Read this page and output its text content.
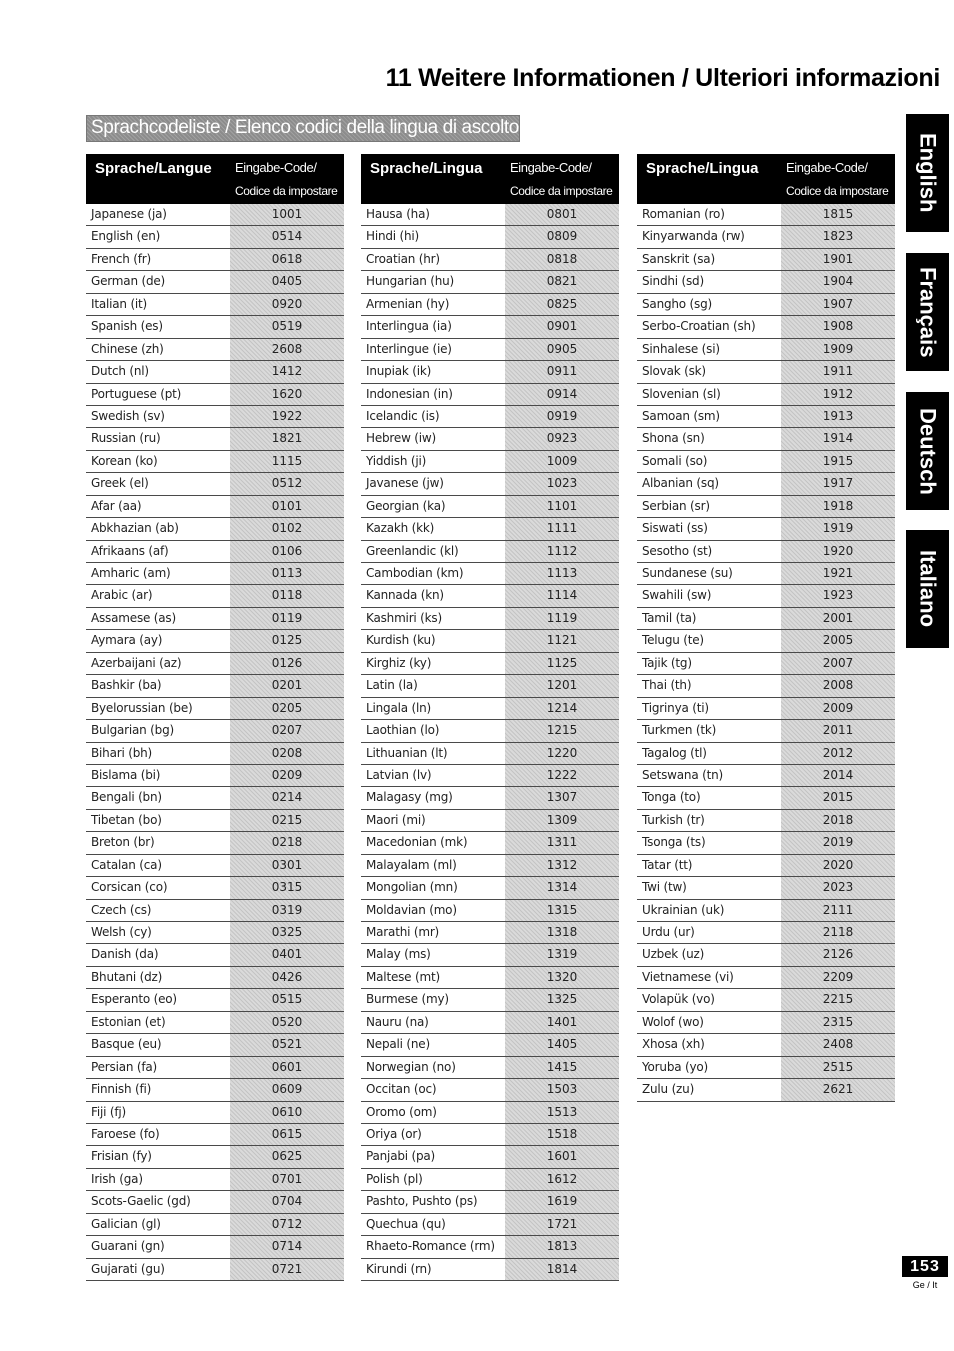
11 Weitere Informationen / Ulteriori informazioni
Sprachcodeliste / Elenco codici della lingua di ascolto
Sprache/Langue Eingabe-Code/
Codice da impostare
Japanese (ja)	1001
English (en)	0514
French (fr)	0618
German (de)	0405
Italian (it)	0920
Spanish (es)	0519
Chinese (zh)	2608
Dutch (nl)	1412
Portuguese (pt)	1620
Swedish (sv)	1922
Russian (ru)	1821
Korean (ko)	1115
Greek (el)	0512
Afar (aa)	0101
Abkhazian (ab)	0102
Afrikaans (af)	0106
Amharic (am)	0113
Arabic (ar)	0118
Assamese (as)	0119
Aymara (ay)	0125
Azerbaijani (az)	0126
Bashkir (ba)	0201
Byelorussian (be)	0205
Bulgarian (bg)	0207
Bihari (bh)	0208
Bislama (bi)	0209
Bengali (bn)	0214
Tibetan (bo)	0215
Breton (br)	0218
Catalan (ca)	0301
Corsican (co)	0315
Czech (cs)	0319
Welsh (cy)	0325
Danish (da)	0401
Bhutani (dz)	0426
Esperanto (eo)	0515
Estonian (et)	0520
Basque (eu)	0521
Persian (fa)	0601
Finnish (fi)	0609
Fiji (fj)	0610
Faroese (fo)	0615
Frisian (fy)	0625
Irish (ga)	0701
Scots-Gaelic (gd)	0704
Galician (gl)	0712
Guarani (gn)	0714
Gujarati (gu)	0721
Sprache/Lingua Eingabe-Code/
Codice da impostare
Hausa (ha)	0801
Hindi (hi)	0809
Croatian (hr)	0818
Hungarian (hu)	0821
Armenian (hy)	0825
Interlingua (ia)	0901
Interlingue (ie)	0905
Inupiak (ik)	0911
Indonesian (in)	0914
Icelandic (is)	0919
Hebrew (iw)	0923
Yiddish (ji)	1009
Javanese (jw)	1023
Georgian (ka)	1101
Kazakh (kk)	1111
Greenlandic (kl)	1112
Cambodian (km)	1113
Kannada (kn)	1114
Kashmiri (ks)	1119
Kurdish (ku)	1121
Kirghiz (ky)	1125
Latin (la)	1201
Lingala (ln)	1214
Laothian (lo)	1215
Lithuanian (lt)	1220
Latvian (lv)	1222
Malagasy (mg)	1307
Maori (mi)	1309
Macedonian (mk)	1311
Malayalam (ml)	1312
Mongolian (mn)	1314
Moldavian (mo)	1315
Marathi (mr)	1318
Malay (ms)	1319
Maltese (mt)	1320
Burmese (my)	1325
Nauru (na)	1401
Nepali (ne)	1405
Norwegian (no)	1415
Occitan (oc)	1503
Oromo (om)	1513
Oriya (or)	1518
Panjabi (pa)	1601
Polish (pl)	1612
Pashto, Pushto (ps)	1619
Quechua (qu)	1721
Rhaeto-Romance (rm)	1813
Kirundi (rn)	1814
Sprache/Lingua Eingabe-Code/
Codice da impostare
Romanian (ro)	1815
Kinyarwanda (rw)	1823
Sanskrit (sa)	1901
Sindhi (sd)	1904
Sangho (sg)	1907
Serbo-Croatian (sh)	1908
Sinhalese (si)	1909
Slovak (sk)	1911
Slovenian (sl)	1912
Samoan (sm)	1913
Shona (sn)	1914
Somali (so)	1915
Albanian (sq)	1917
Serbian (sr)	1918
Siswati (ss)	1919
Sesotho (st)	1920
Sundanese (su)	1921
Swahili (sw)	1923
Tamil (ta)	2001
Telugu (te)	2005
Tajik (tg)	2007
Thai (th)	2008
Tigrinya (ti)	2009
Turkmen (tk)	2011
Tagalog (tl)	2012
Setswana (tn)	2014
Tonga (to)	2015
Turkish (tr)	2018
Tsonga (ts)	2019
Tatar (tt)	2020
Twi (tw)	2023
Ukrainian (uk)	2111
Urdu (ur)	2118
Uzbek (uz)	2126
Vietnamese (vi)	2209
Volapük (vo)	2215
Wolof (wo)	2315
Xhosa (xh)	2408
Yoruba (yo)	2515
Zulu (zu)	2621
English
Français
Deutsch
Italiano
153
Ge / It
